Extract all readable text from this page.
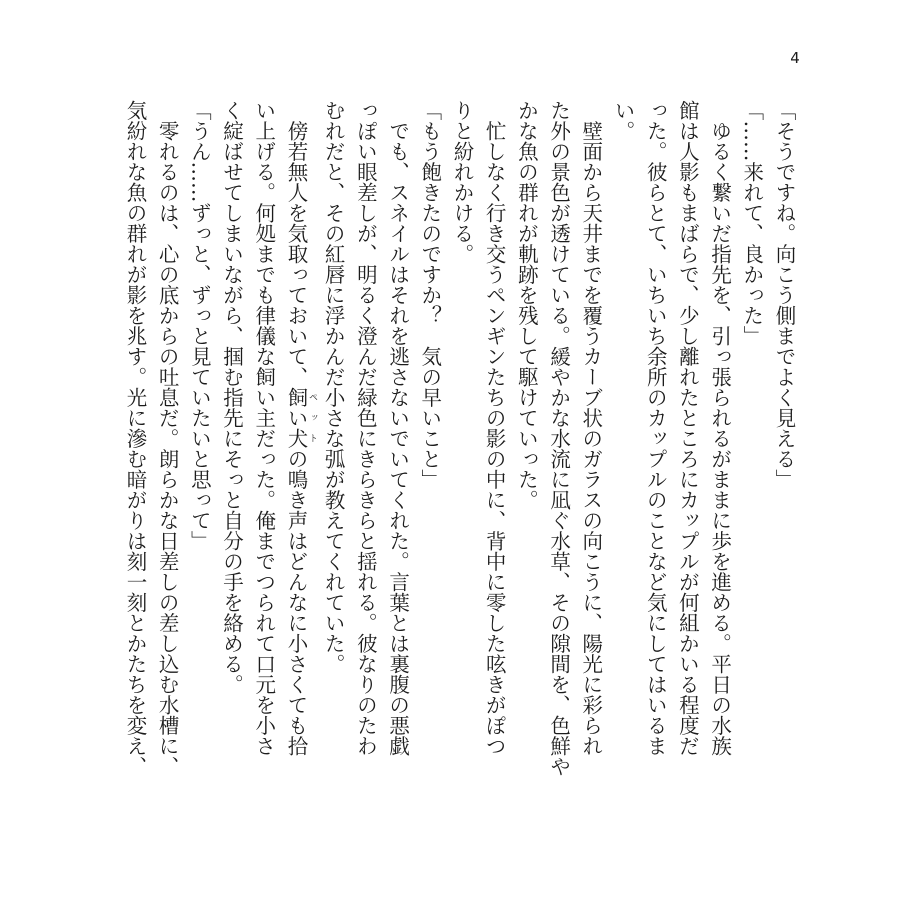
4
「そうですね。向こう側までよく見える」
「……来れて、良かった」
　ゆるく繋いだ指先を、引っ張られるがままに歩を進める。平日の水族
館は人影もまばらで、少し離れたところにカップルが何組かいる程度だ
った。彼らとて、いちいち余所のカップルのことなど気にしてはいるま
い。
　壁面から天井までを覆うカーブ状のガラスの向こうに、陽光に彩られ
た外の景色が透けている。緩やかな水流に凪ぐ水草、その隙間を、色鮮や
かな魚の群れが軌跡を残して駆けていった。
　忙しなく行き交うペンギンたちの影の中に、背中に零した呟きがぽつ
りと紛れかける。
「もう飽きたのですか？　気の早いこと」
　でも、スネイルはそれを逃さないでいてくれた。言葉とは裏腹の悪戯
っぽい眼差しが、明るく澄んだ緑色にきらきらと揺れる。彼なりのたわ
むれだと、その紅唇に浮かんだ小さな弧が教えてくれていた。
　傍若無人を気取っておいて、飼い犬 ペットの鳴き声はどんなに小さくても拾
い上げる。何処までも律儀な飼い主だった。俺までつられて口元を小さ
く綻ばせてしまいながら、掴む指先にそっと自分の手を絡める。
「うん……ずっと、ずっと見ていたいと思って」
　零れるのは、心の底からの吐息だ。朗らかな日差しの差し込む水槽に、
気紛れな魚の群れが影を兆す。光に滲む暗がりは刻一刻とかたちを変え、
